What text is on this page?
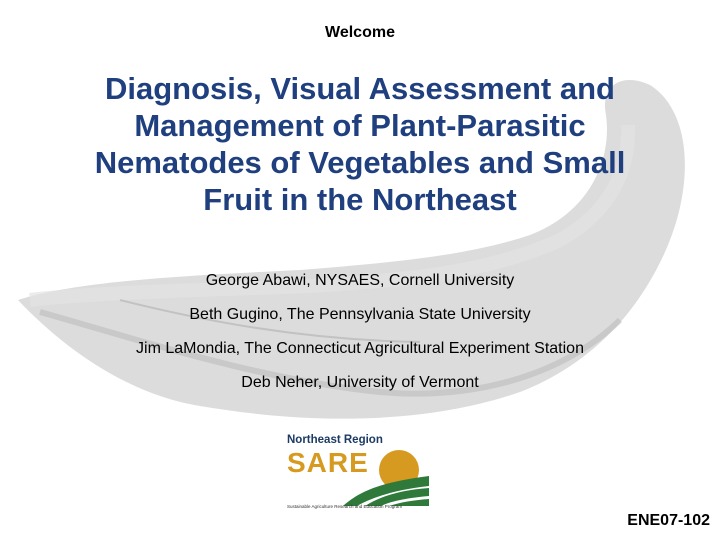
Welcome
Diagnosis, Visual Assessment and
Management of Plant-Parasitic
Nematodes of Vegetables and Small
Fruit in the Northeast
George Abawi, NYSAES, Cornell University
Beth Gugino, The Pennsylvania State University
Jim LaMondia, The Connecticut Agricultural Experiment Station
Deb Neher, University of Vermont
Northeast Region
SARE
Sustainable Agriculture Research and Education Program
ENE07-102
